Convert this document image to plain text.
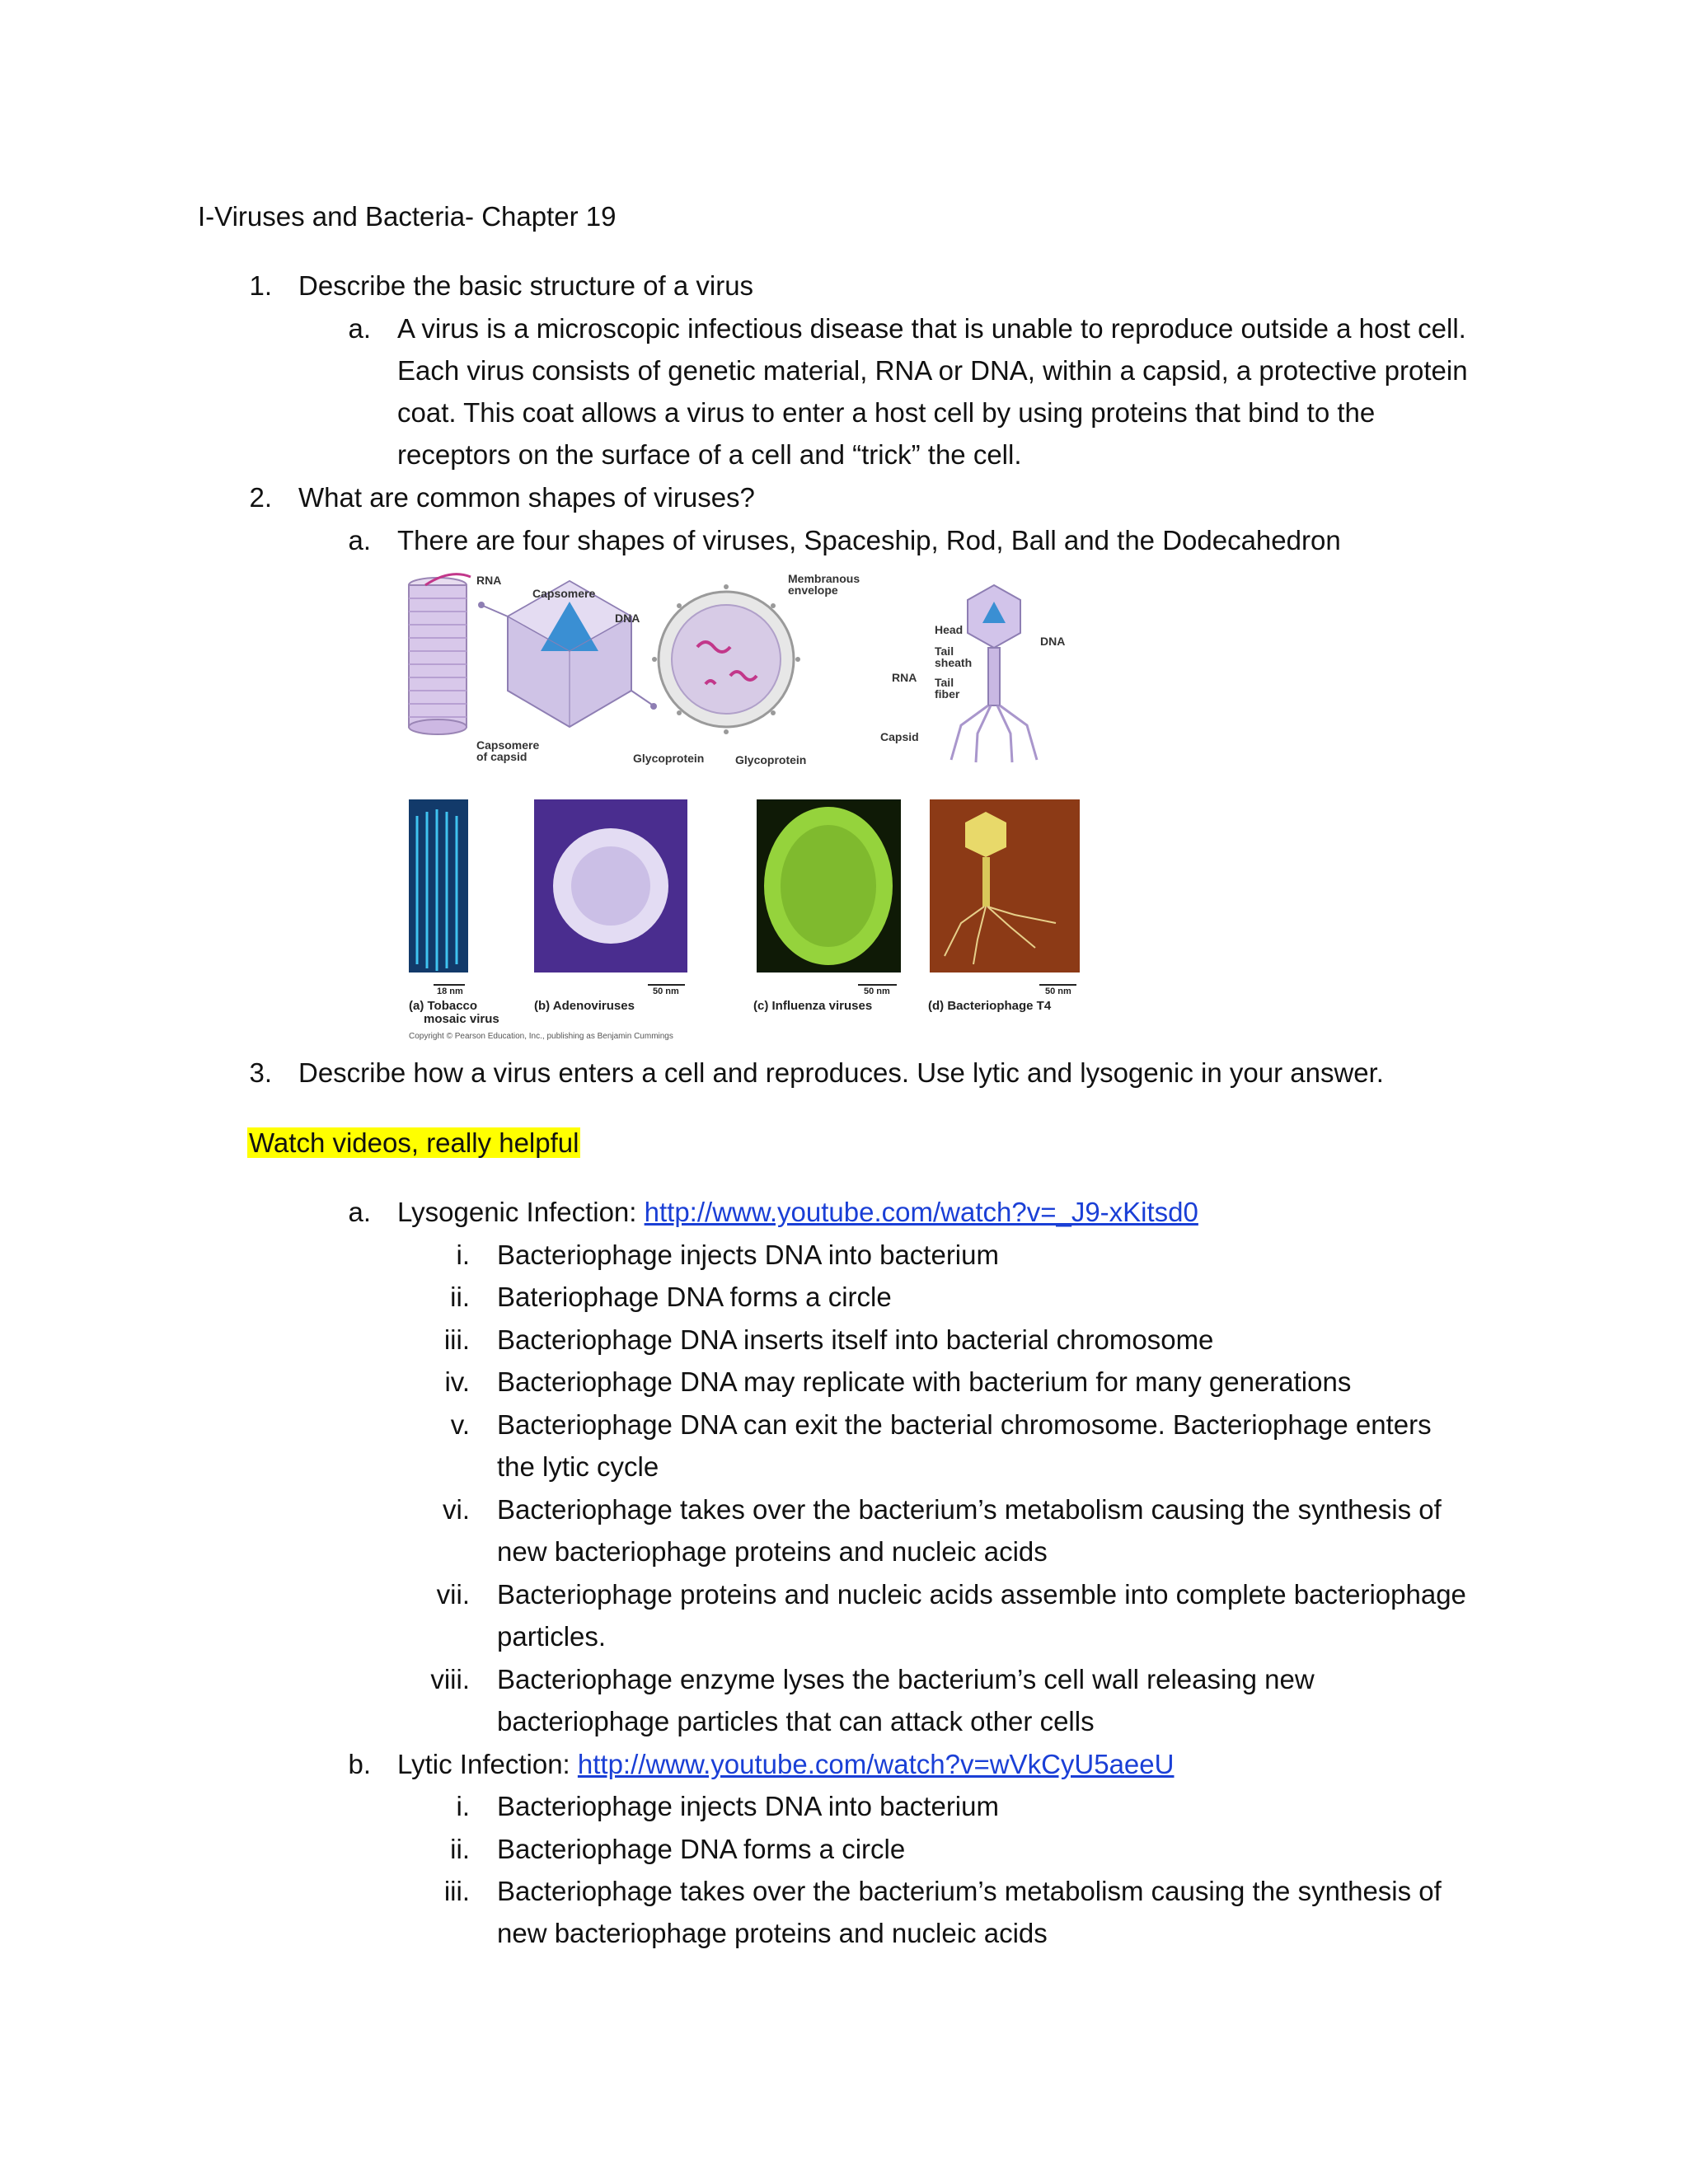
I-Viruses and Bacteria- Chapter 19
1. Describe the basic structure of a virus
a. A virus is a microscopic infectious disease that is unable to reproduce outside a host cell.
Each virus consists of genetic material, RNA or DNA, within a capsid, a protective protein
coat. This coat allows a virus to enter a host cell by using proteins that bind to the
receptors on the surface of a cell and “trick” the cell.
2. What are common shapes of viruses?
a. There are four shapes of viruses, Spaceship, Rod, Ball and the Dodecahedron
RNA
Capsomere
DNA
Capsomere
of capsid	Glycoprotein
Membranous
envelope
RNA
Capsid
Glycoprotein
Head
DNA
Tail
sheath
Tail
fiber
18 nm	50 nm	50 nm	50 nm
(a) Tobacco
mosaic virus
(b) Adenoviruses	(c) Influenza viruses	(d) Bacteriophage T4
Copyright © Pearson Education, Inc., publishing as Benjamin Cummings
3. Describe how a virus enters a cell and reproduces. Use lytic and lysogenic in your answer.
Watch videos, really helpful
a. Lysogenic Infection: http://www.youtube.com/watch?v=_J9-xKitsd0
i. Bacteriophage injects DNA into bacterium
ii. Bateriophage DNA forms a circle
iii. Bacteriophage DNA inserts itself into bacterial chromosome
iv. Bacteriophage DNA may replicate with bacterium for many generations
v. Bacteriophage DNA can exit the bacterial chromosome. Bacteriophage enters
the lytic cycle
vi. Bacteriophage takes over the bacterium’s metabolism causing the synthesis of
new bacteriophage proteins and nucleic acids
vii. Bacteriophage proteins and nucleic acids assemble into complete bacteriophage
particles.
viii. Bacteriophage enzyme lyses the bacterium’s cell wall releasing new
bacteriophage particles that can attack other cells
b. Lytic Infection: http://www.youtube.com/watch?v=wVkCyU5aeeU
i. Bacteriophage injects DNA into bacterium
ii. Bacteriophage DNA forms a circle
iii. Bacteriophage takes over the bacterium’s metabolism causing the synthesis of
new bacteriophage proteins and nucleic acids
